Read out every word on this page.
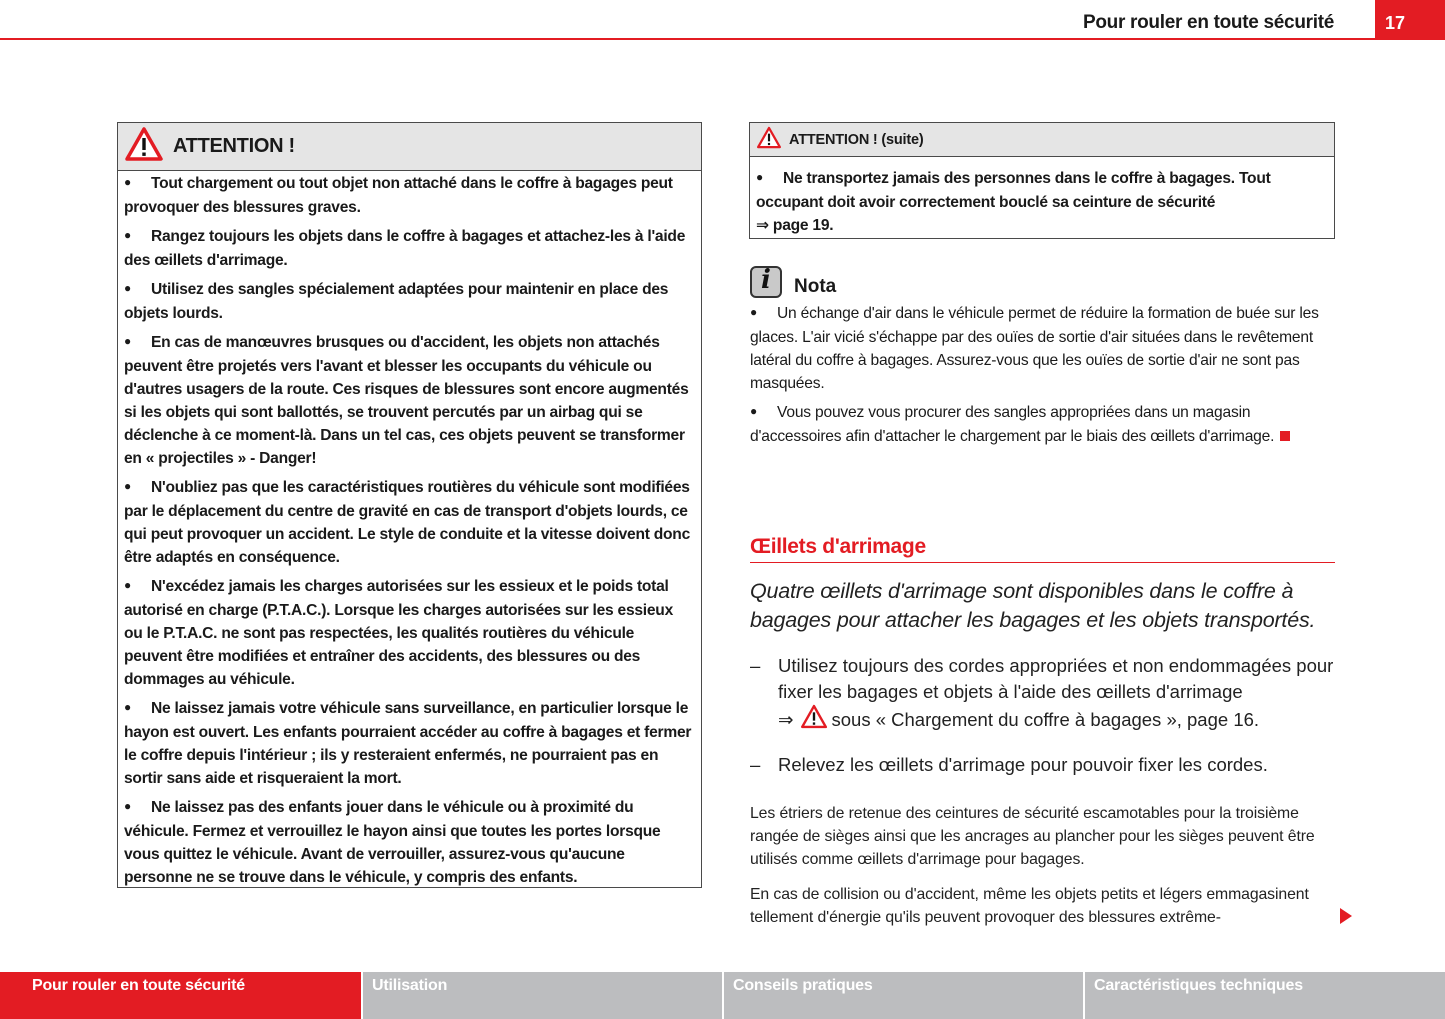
Pour rouler en toute sécurité	17
ATTENTION !
●Tout chargement ou tout objet non attaché dans le coffre à bagages peut provoquer des blessures graves.
●Rangez toujours les objets dans le coffre à bagages et attachez-les à l'aide des œillets d'arrimage.
●Utilisez des sangles spécialement adaptées pour maintenir en place des objets lourds.
●En cas de manœuvres brusques ou d'accident, les objets non attachés peuvent être projetés vers l'avant et blesser les occupants du véhicule ou d'autres usagers de la route. Ces risques de blessures sont encore augmentés si les objets qui sont ballottés, se trouvent percutés par un airbag qui se déclenche à ce moment-là. Dans un tel cas, ces objets peuvent se transformer en « projectiles » - Danger!
●N'oubliez pas que les caractéristiques routières du véhicule sont modifiées par le déplacement du centre de gravité en cas de transport d'objets lourds, ce qui peut provoquer un accident. Le style de conduite et la vitesse doivent donc être adaptés en conséquence.
●N'excédez jamais les charges autorisées sur les essieux et le poids total autorisé en charge (P.T.A.C.). Lorsque les charges autorisées sur les essieux ou le P.T.A.C. ne sont pas respectées, les qualités routières du véhicule peuvent être modifiées et entraîner des accidents, des blessures ou des dommages au véhicule.
●Ne laissez jamais votre véhicule sans surveillance, en particulier lorsque le hayon est ouvert. Les enfants pourraient accéder au coffre à bagages et fermer le coffre depuis l'intérieur ; ils y resteraient enfermés, ne pourraient pas en sortir sans aide et risqueraient la mort.
●Ne laissez pas des enfants jouer dans le véhicule ou à proximité du véhicule. Fermez et verrouillez le hayon ainsi que toutes les portes lorsque vous quittez le véhicule. Avant de verrouiller, assurez-vous qu'aucune personne ne se trouve dans le véhicule, y compris des enfants.
ATTENTION ! (suite)
●Ne transportez jamais des personnes dans le coffre à bagages. Tout occupant doit avoir correctement bouclé sa ceinture de sécurité
⇒ page 19.
i
Nota
●Un échange d'air dans le véhicule permet de réduire la formation de buée sur les glaces. L'air vicié s'échappe par des ouïes de sortie d'air situées dans le revêtement latéral du coffre à bagages. Assurez-vous que les ouïes de sortie d'air ne sont pas masquées.
●Vous pouvez vous procurer des sangles appropriées dans un magasin d'accessoires afin d'attacher le chargement par le biais des œillets d'arrimage.
Œillets d'arrimage
Quatre œillets d'arrimage sont disponibles dans le coffre à bagages pour attacher les bagages et les objets transportés.
– Utilisez toujours des cordes appropriées et non endommagées pour fixer les bagages et objets à l'aide des œillets d'arrimage
⇒ sous « Chargement du coffre à bagages », page 16.
– Relevez les œillets d'arrimage pour pouvoir fixer les cordes.
Les étriers de retenue des ceintures de sécurité escamotables pour la troisième rangée de sièges ainsi que les ancrages au plancher pour les sièges peuvent être utilisés comme œillets d'arrimage pour bagages.
En cas de collision ou d'accident, même les objets petits et légers emmagasinent tellement d'énergie qu'ils peuvent provoquer des blessures extrême-
Pour rouler en toute sécurité	Utilisation	Conseils pratiques	Caractéristiques techniques
